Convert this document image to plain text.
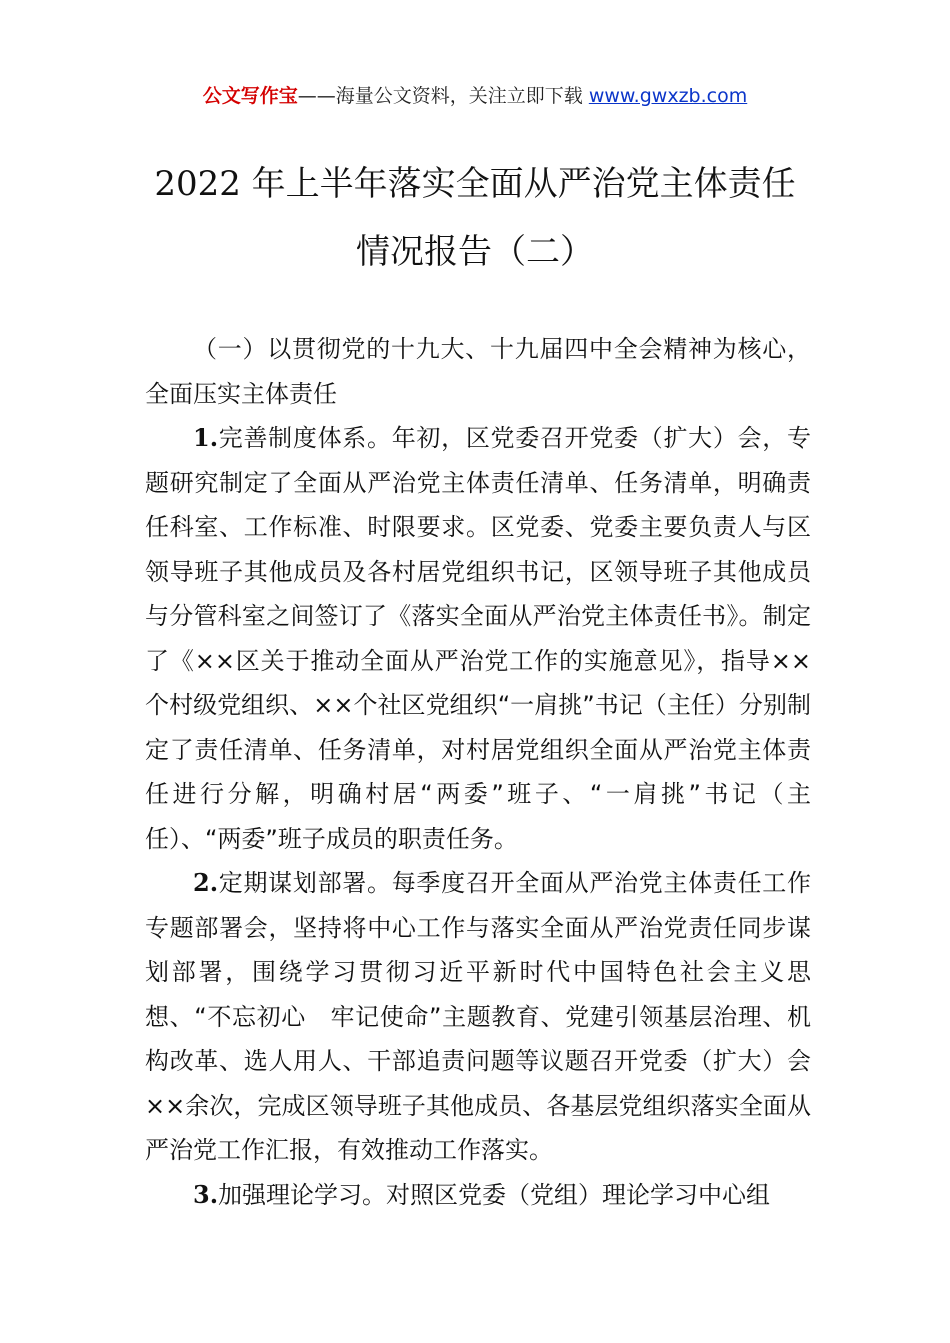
公文写作宝——海量公文资料，关注立即下载 www.gwxzb.com
2022 年上半年落实全面从严治党主体责任
情况报告（二）

（一）以贯彻党的十九大、十九届四中全会精神为核心，全面压实主体责任

1.完善制度体系。年初，区党委召开党委（扩大）会，专题研究制定了全面从严治党主体责任清单、任务清单，明确责任科室、工作标准、时限要求。区党委、党委主要负责人与区领导班子其他成员及各村居党组织书记，区领导班子其他成员与分管科室之间签订了《落实全面从严治党主体责任书》。制定了《××区关于推动全面从严治党工作的实施意见》，指导××个村级党组织、××个社区党组织“一肩挑”书记（主任）分别制定了责任清单、任务清单，对村居党组织全面从严治党主体责任进行分解，明确村居“两委”班子、“一肩挑”书记（主任）、“两委”班子成员的职责任务。

2.定期谋划部署。每季度召开全面从严治党主体责任工作专题部署会，坚持将中心工作与落实全面从严治党责任同步谋划部署，围绕学习贯彻习近平新时代中国特色社会主义思想、“不忘初心　牢记使命”主题教育、党建引领基层治理、机构改革、选人用人、干部追责问题等议题召开党委（扩大）会××余次，完成区领导班子其他成员、各基层党组织落实全面从严治党工作汇报，有效推动工作落实。

3.加强理论学习。对照区党委（党组）理论学习中心组
